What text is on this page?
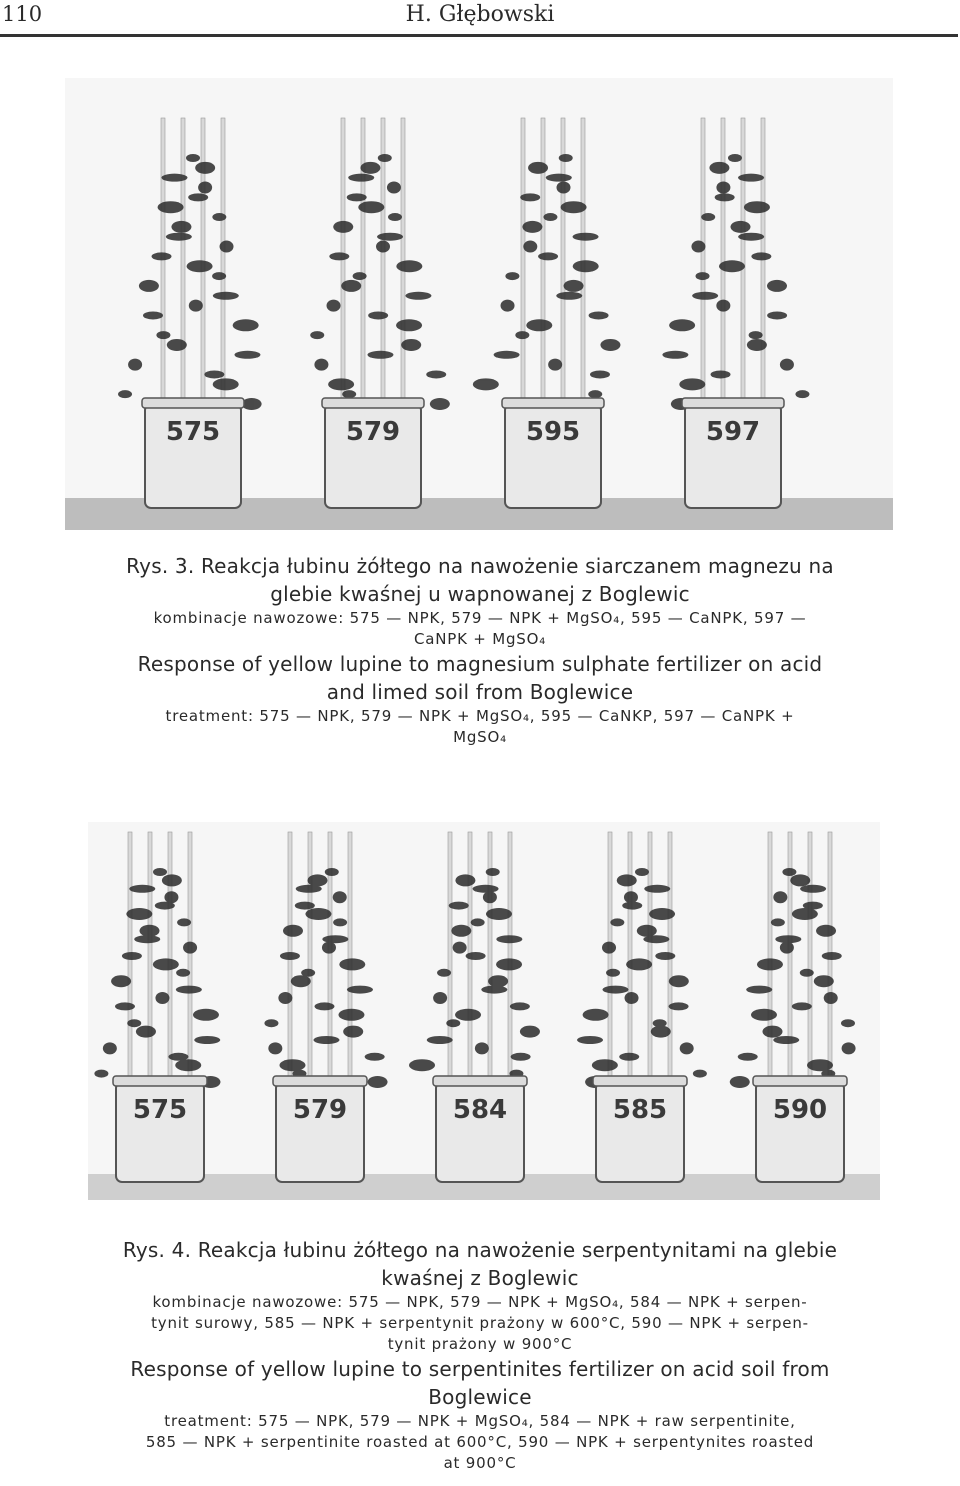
110	H. Głębowski
575	579	595	597
Rys. 3. Reakcja łubinu żółtego na nawożenie siarczanem magnezu na
glebie kwaśnej u wapnowanej z Boglewic
kombinacje nawozowe: 575 — NPK, 579 — NPK + MgSO₄, 595 — CaNPK, 597 —
CaNPK + MgSO₄
Response of yellow lupine to magnesium sulphate fertilizer on acid
and limed soil from Boglewice
treatment: 575 — NPK, 579 — NPK + MgSO₄, 595 — CaNKP, 597 — CaNPK +
MgSO₄
575	579	584	585	590
Rys. 4. Reakcja łubinu żółtego na nawożenie serpentynitami na glebie
kwaśnej z Boglewic
kombinacje nawozowe: 575 — NPK, 579 — NPK + MgSO₄, 584 — NPK + serpen-
tynit surowy, 585 — NPK + serpentynit prażony w 600°C, 590 — NPK + serpen-
tynit prażony w 900°C
Response of yellow lupine to serpentinites fertilizer on acid soil from
Boglewice
treatment: 575 — NPK, 579 — NPK + MgSO₄, 584 — NPK + raw serpentinite,
585 — NPK + serpentinite roasted at 600°C, 590 — NPK + serpentynites roasted
at 900°C
